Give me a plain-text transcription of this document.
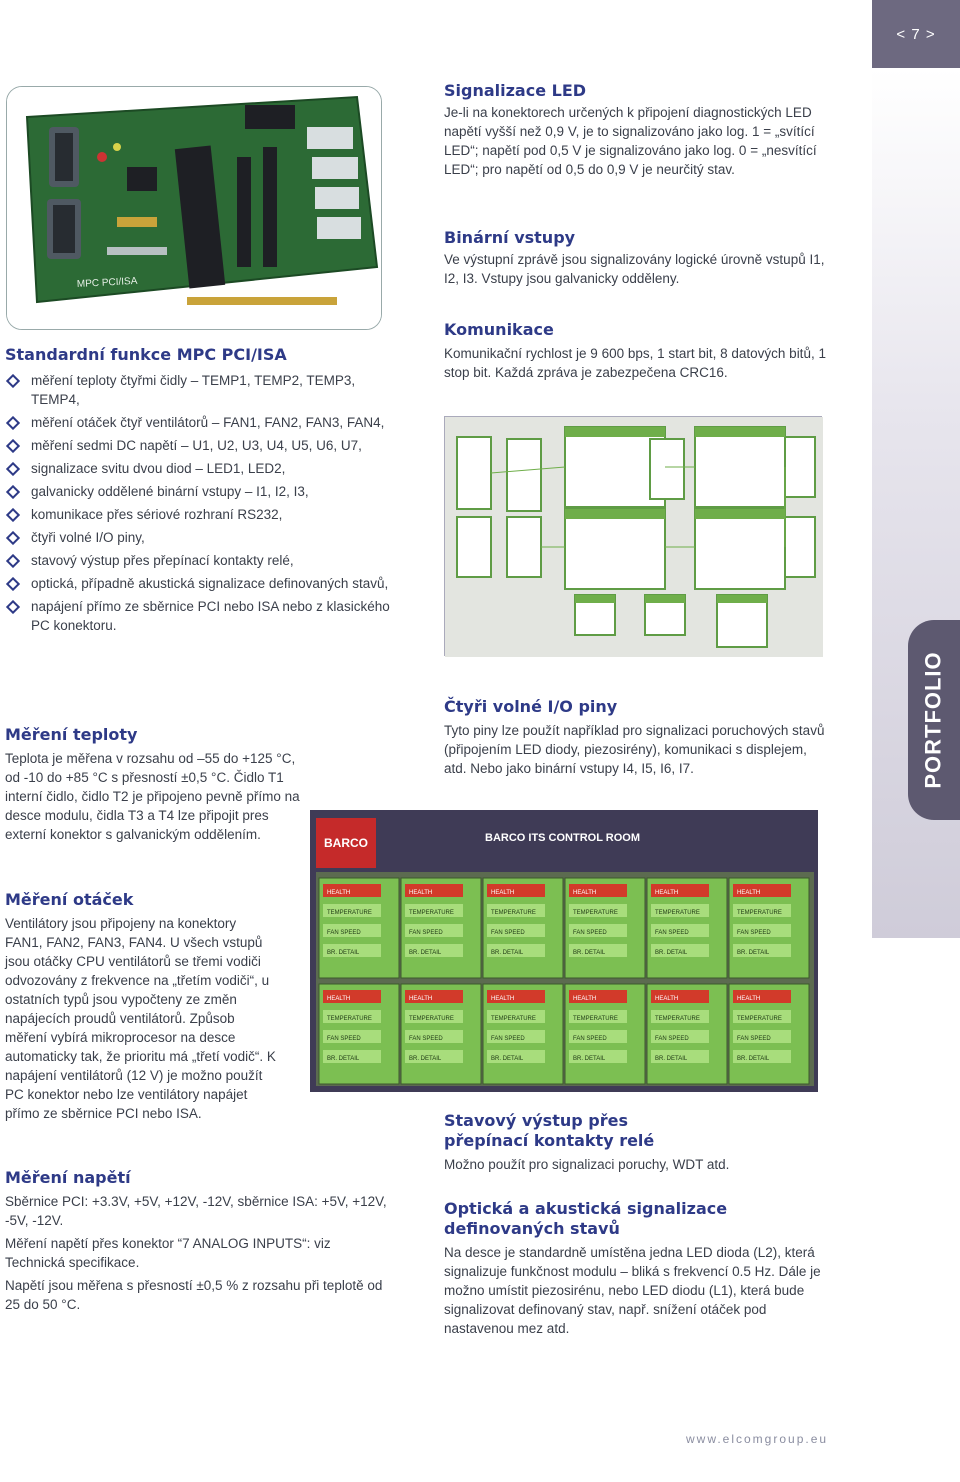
< 7 >
PORTFOLIO
MPC PCI/ISA
Signalizace LED

Je-li na konektorech určených k připojení diagnostických LED napětí vyšší než 0,9 V, je to signalizováno jako log. 1 = „svítící LED“; napětí pod 0,5 V je signalizováno jako log. 0 = „nesvítící LED“; pro napětí od 0,5 do 0,9 V je neurčitý stav.

Binární vstupy

Ve výstupní zprávě jsou signalizovány logické úrovně vstupů I1, I2, I3. Vstupy jsou galvanicky odděleny.

Komunikace

Komunikační rychlost je 9 600 bps, 1 start bit, 8 datových bitů, 1 stop bit. Každá zpráva je zabezpečena CRC16.

Standardní funkce MPC PCI/ISA
měření teploty čtyřmi čidly – TEMP1, TEMP2, TEMP3, TEMP4,
měření otáček čtyř ventilátorů – FAN1, FAN2, FAN3, FAN4,
měření sedmi DC napětí – U1, U2, U3, U4, U5, U6, U7,
signalizace svitu dvou diod – LED1, LED2,
galvanicky oddělené binární vstupy – I1, I2, I3,
komunikace přes sériové rozhraní RS232,
čtyři volné I/O piny,
stavový výstup přes přepínací kontakty relé,
optická, případně akustická signalizace definovaných stavů,
napájení přímo ze sběrnice PCI nebo ISA nebo z klasického PC konektoru.
Měření teploty

Teplota je měřena v rozsahu od –55 do +125 °C, od -10 do +85 °C s přesností ±0,5 °C. Čidlo T1 interní čidlo, čidlo T2 je připojeno pevně přímo na desce modulu, čidla T3 a T4 lze připojit pres externí konektor s galvanickým oddělením.

BARCO	BARCO ITS CONTROL ROOM
HEALTH
TEMPERATURE
FAN SPEED
BR. DETAIL
HEALTH
TEMPERATURE
FAN SPEED
BR. DETAIL
HEALTH
TEMPERATURE
FAN SPEED
BR. DETAIL
HEALTH
TEMPERATURE
FAN SPEED
BR. DETAIL
HEALTH
TEMPERATURE
FAN SPEED
BR. DETAIL
HEALTH
TEMPERATURE
FAN SPEED
BR. DETAIL
HEALTH
TEMPERATURE
FAN SPEED
BR. DETAIL
HEALTH
TEMPERATURE
FAN SPEED
BR. DETAIL
HEALTH
TEMPERATURE
FAN SPEED
BR. DETAIL
HEALTH
TEMPERATURE
FAN SPEED
BR. DETAIL
HEALTH
TEMPERATURE
FAN SPEED
BR. DETAIL
HEALTH
TEMPERATURE
FAN SPEED
BR. DETAIL
Měření otáček

Ventilátory jsou připojeny na konektory FAN1, FAN2, FAN3, FAN4. U všech vstupů jsou otáčky CPU ventilátorů se třemi vodiči odvozovány z frekvence na „třetím vodiči“, u ostatních typů jsou vypočteny ze změn napájecích proudů ventilátorů. Způsob měření vybírá mikroprocesor na desce automaticky tak, že prioritu má „třetí vodič“. K napájení ventilátorů (12 V) je možno použít PC konektor nebo lze ventilátory napájet přímo ze sběrnice PCI nebo ISA.

Měření napětí

Sběrnice PCI: +3.3V, +5V, +12V, -12V, sběrnice ISA: +5V, +12V, -5V, -12V.

Měření napětí přes konektor “7 ANALOG INPUTS“: viz Technická specifikace.

Napětí jsou měřena s přesností ±0,5 % z rozsahu při teplotě od 25 do 50 °C.

Čtyři volné I/O piny

Tyto piny lze použít například pro signalizaci poruchových stavů (připojením LED diody, piezosirény), komunikaci s displejem, atd. Nebo jako binární vstupy I4, I5, I6, I7.

Stavový výstup přes
přepínací kontakty relé

Možno použít pro signalizaci poruchy, WDT atd.

Optická a akustická signalizace
definovaných stavů

Na desce je standardně umístěna jedna LED dioda (L2), která signalizuje funkčnost modulu – bliká s frekvencí 0.5 Hz. Dále je možno umístit piezosirénu, nebo LED diodu (L1), která bude signalizovat definovaný stav, např. snížení otáček pod nastavenou mez atd.

www.elcomgroup.eu
